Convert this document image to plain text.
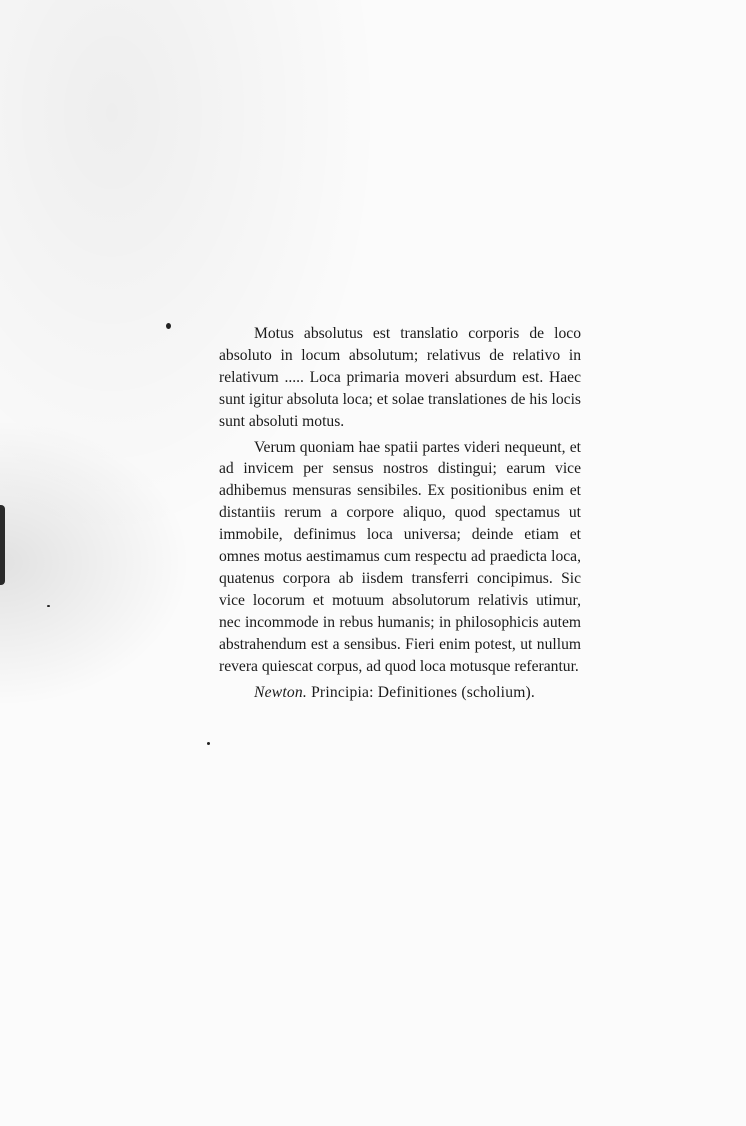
Motus absolutus est translatio corporis de loco absoluto in locum absolutum; relativus de relativo in relativum ..... Loca primaria moveri absurdum est. Haec sunt igitur absoluta loca; et solae translationes de his locis sunt absoluti motus.

Verum quoniam hae spatii partes videri nequeunt, et ad invicem per sensus nostros distingui; earum vice adhibemus mensuras sensibiles. Ex positionibus enim et distantiis rerum a corpore aliquo, quod spectamus ut immobile, definimus loca universa; deinde etiam et omnes motus aestimamus cum respectu ad praedicta loca, quatenus corpora ab iisdem transferri concipimus. Sic vice locorum et motuum absolutorum relativis utimur, nec incommode in rebus humanis; in philosophicis autem abstrahendum est a sensibus. Fieri enim potest, ut nullum revera quiescat corpus, ad quod loca motusque referantur.

Newton. Principia: Definitiones (scholium).
